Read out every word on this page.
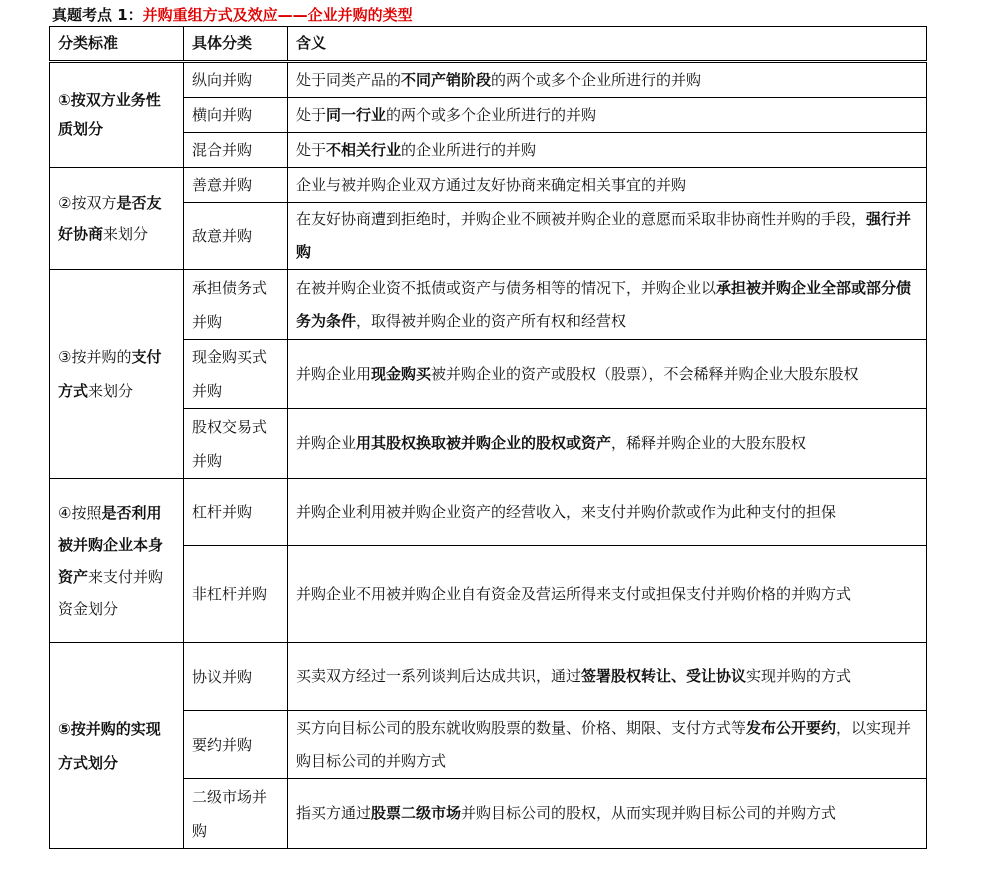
真题考点 1：并购重组方式及效应——企业并购的类型
分类标准	具体分类	含义
①按双方业务性质划分	纵向并购	处于同类产品的不同产销阶段的两个或多个企业所进行的并购
	横向并购	处于同一行业的两个或多个企业所进行的并购
	混合并购	处于不相关行业的企业所进行的并购
②按双方是否友好协商来划分	善意并购	企业与被并购企业双方通过友好协商来确定相关事宜的并购
	敌意并购	在友好协商遭到拒绝时，并购企业不顾被并购企业的意愿而采取非协商性并购的手段，强行并购
③按并购的支付方式来划分	承担债务式并购	在被并购企业资不抵债或资产与债务相等的情况下，并购企业以承担被并购企业全部或部分债务为条件，取得被并购企业的资产所有权和经营权
	现金购买式并购	并购企业用现金购买被并购企业的资产或股权（股票），不会稀释并购企业大股东股权
	股权交易式并购	并购企业用其股权换取被并购企业的股权或资产，稀释并购企业的大股东股权
④按照是否利用被并购企业本身资产来支付并购资金划分	杠杆并购	并购企业利用被并购企业资产的经营收入，来支付并购价款或作为此种支付的担保
	非杠杆并购	并购企业不用被并购企业自有资金及营运所得来支付或担保支付并购价格的并购方式
⑤按并购的实现方式划分	协议并购	买卖双方经过一系列谈判后达成共识，通过签署股权转让、受让协议实现并购的方式
	要约并购	买方向目标公司的股东就收购股票的数量、价格、期限、支付方式等发布公开要约，以实现并购目标公司的并购方式
	二级市场并购	指买方通过股票二级市场并购目标公司的股权，从而实现并购目标公司的并购方式
